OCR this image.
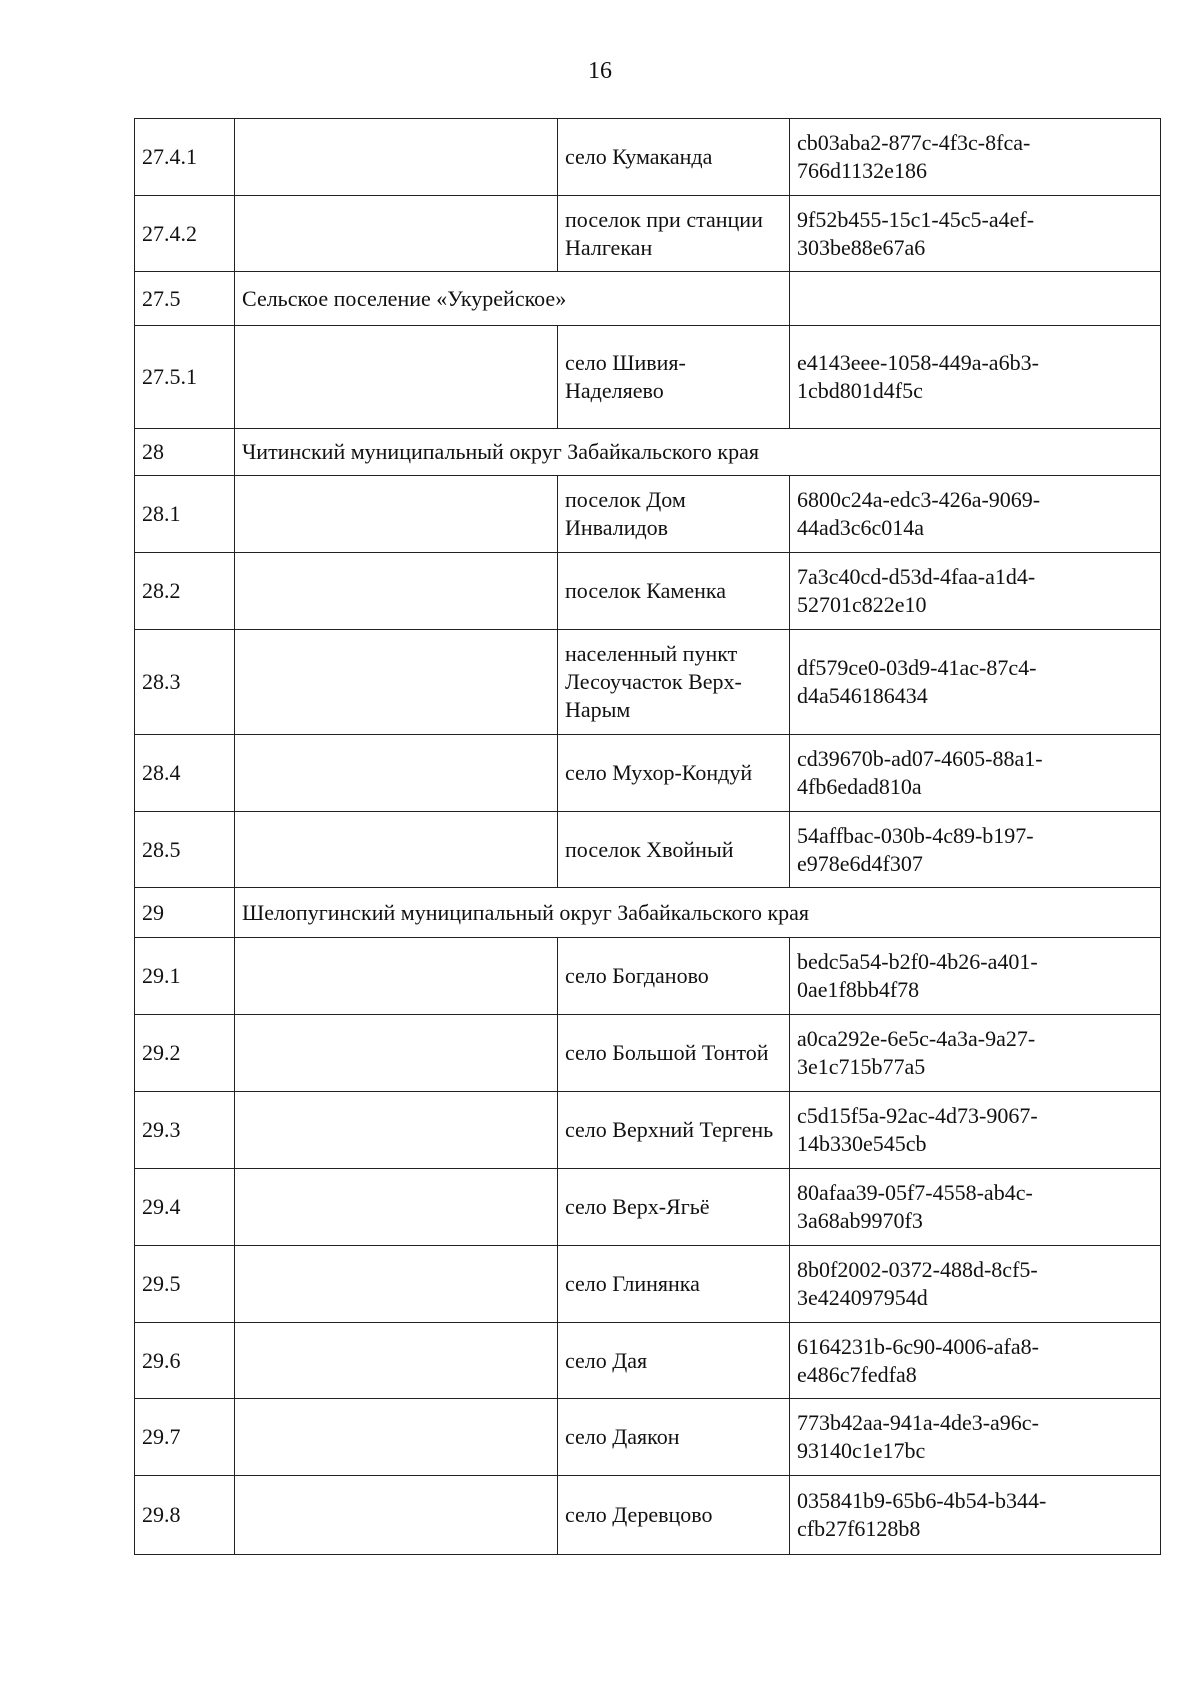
16
27.4.1		село Кумаканда	cb03aba2-877c-4f3c-8fca-766d1132e186
27.4.2		поселок при станции Налгекан	9f52b455-15c1-45c5-a4ef-303be88e67a6
27.5	Сельское поселение «Укурейское»		
27.5.1		село Шивия-Наделяево	e4143eee-1058-449a-a6b3-1cbd801d4f5c
28	Читинский муниципальный округ Забайкальского края		
28.1		поселок Дом Инвалидов	6800c24a-edc3-426a-9069-44ad3c6c014a
28.2		поселок Каменка	7a3c40cd-d53d-4faa-a1d4-52701c822e10
28.3		населенный пункт Лесоучасток Верх-Нарым	df579ce0-03d9-41ac-87c4-d4a546186434
28.4		село Мухор-Кондуй	cd39670b-ad07-4605-88a1-4fb6edad810a
28.5		поселок Хвойный	54affbac-030b-4c89-b197-e978e6d4f307
29	Шелопугинский муниципальный округ Забайкальского края		
29.1		село Богданово	bedc5a54-b2f0-4b26-a401-0ae1f8bb4f78
29.2		село Большой Тонтой	a0ca292e-6e5c-4a3a-9a27-3e1c715b77a5
29.3		село Верхний Тергень	c5d15f5a-92ac-4d73-9067-14b330e545cb
29.4		село Верх-Ягьё	80afaa39-05f7-4558-ab4c-3a68ab9970f3
29.5		село Глинянка	8b0f2002-0372-488d-8cf5-3e424097954d
29.6		село Дая	6164231b-6c90-4006-afa8-e486c7fedfa8
29.7		село Даякон	773b42aa-941a-4de3-a96c-93140c1e17bc
29.8		село Деревцово	035841b9-65b6-4b54-b344-cfb27f6128b8
